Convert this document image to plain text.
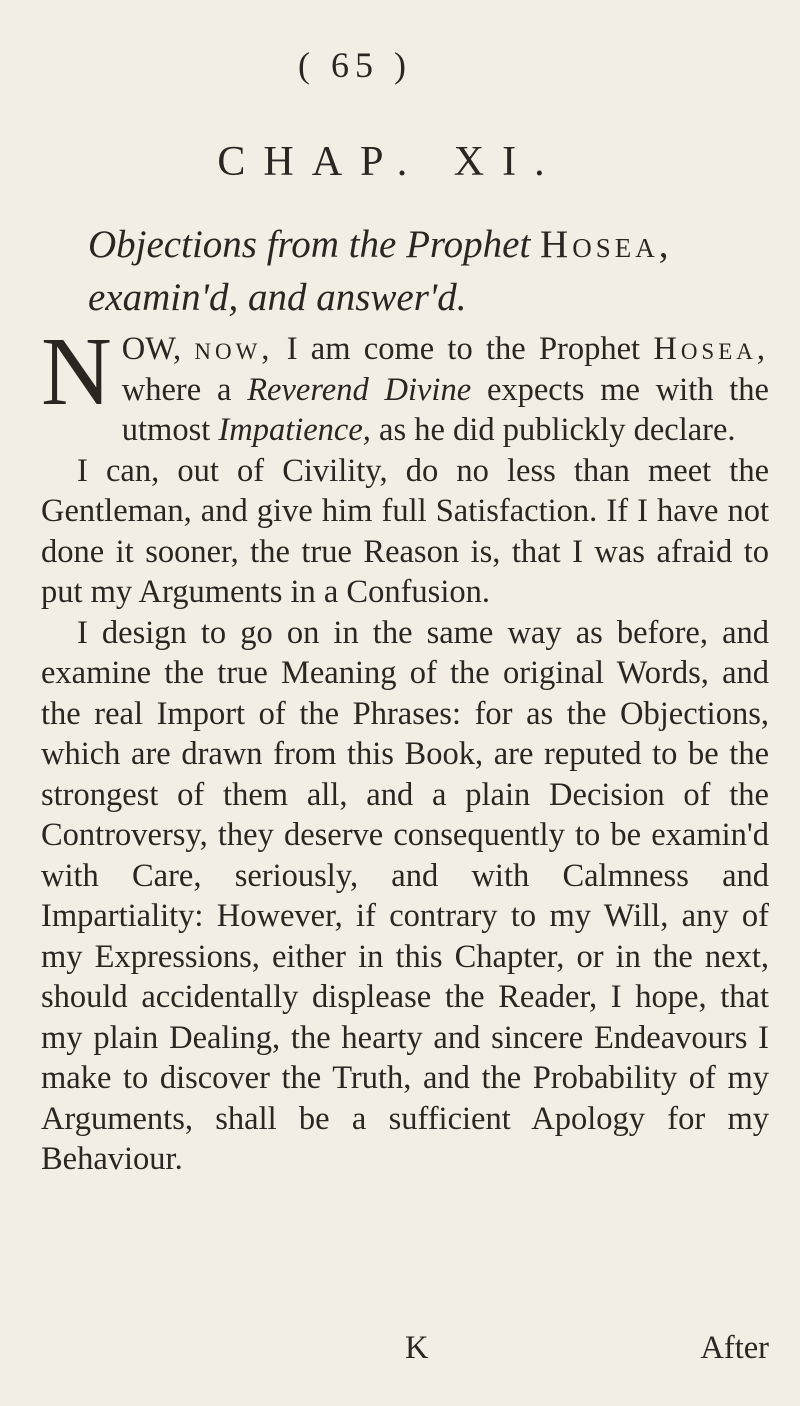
( 65 )
CHAP. XI.
Objections from the Prophet Hosea,
examin'd, and answer'd.

NOW, now, I am come to the Prophet Hosea, where a Reverend Divine expects me with the utmost Impatience, as he did publickly declare.

I can, out of Civility, do no less than meet the Gentleman, and give him full Satisfaction. If I have not done it sooner, the true Reason is, that I was afraid to put my Arguments in a Confusion.

I design to go on in the same way as before, and examine the true Meaning of the original Words, and the real Import of the Phrases: for as the Objections, which are drawn from this Book, are reputed to be the strongest of them all, and a plain Decision of the Controversy, they deserve consequently to be examin'd with Care, seriously, and with Calmness and Impartiality: However, if contrary to my Will, any of my Expressions, either in this Chapter, or in the next, should accidentally displease the Reader, I hope, that my plain Dealing, the hearty and sincere Endeavours I make to discover the Truth, and the Probability of my Arguments, shall be a sufficient Apology for my Behaviour.

K	After
